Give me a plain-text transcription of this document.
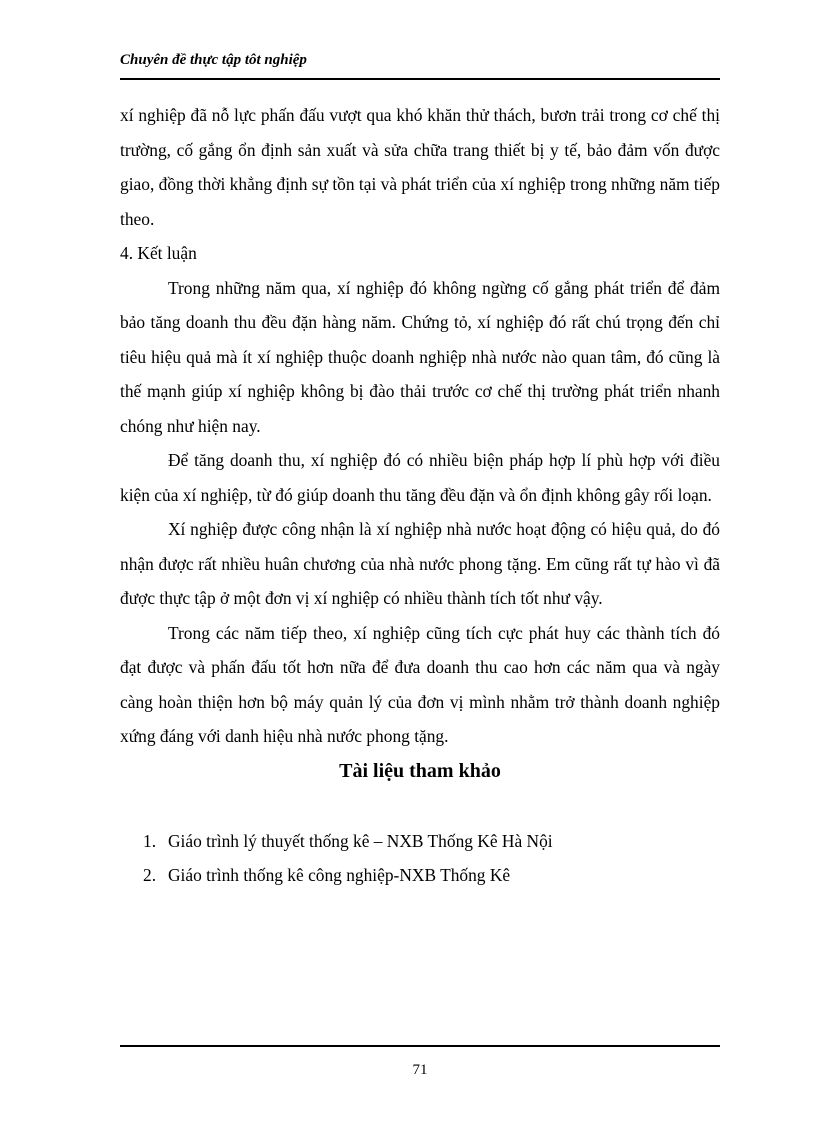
Chuyên đề thực tập tôt nghiệp

xí nghiệp đã nỗ lực phấn đấu vượt qua khó khăn thử thách, bươn trải trong cơ chế thị trường, cố gắng ổn định sản xuất và sửa chữa trang thiết bị y tế, bảo đảm vốn được giao, đồng thời khẳng định sự tồn tại và phát triển của xí nghiệp trong những năm tiếp theo.

4. Kết luận

Trong những năm qua, xí nghiệp đó không ngừng cố gắng phát triển để đảm bảo tăng doanh thu đều đặn hàng năm. Chứng tỏ, xí nghiệp đó rất chú trọng đến chỉ tiêu hiệu quả mà ít xí nghiệp thuộc doanh nghiệp nhà nước nào quan tâm, đó cũng là thế mạnh giúp xí nghiệp không bị đào thải trước cơ chế thị trường phát triển nhanh chóng như hiện nay.

Để tăng doanh thu, xí nghiệp đó có nhiều biện pháp hợp lí phù hợp với điều kiện của xí nghiệp, từ đó giúp doanh thu tăng đều đặn và ổn định không gây rối loạn.

Xí nghiệp được công nhận là xí nghiệp nhà nước hoạt động có hiệu quả, do đó nhận được rất nhiều huân chương của nhà nước phong tặng. Em cũng rất tự hào vì đã được thực tập ở một đơn vị xí nghiệp có nhiều thành tích tốt như vậy.

Trong các năm tiếp theo, xí nghiệp cũng tích cực phát huy các thành tích đó đạt được và phấn đấu tốt hơn nữa để đưa doanh thu cao hơn các năm qua và ngày càng hoàn thiện hơn bộ máy quản lý của đơn vị mình nhằm trở thành doanh nghiệp xứng đáng với danh hiệu nhà nước phong tặng.

Tài liệu tham khảo
1. Giáo trình lý thuyết thống kê – NXB Thống Kê Hà Nội
2. Giáo trình thống kê công nghiệp-NXB Thống Kê
71
